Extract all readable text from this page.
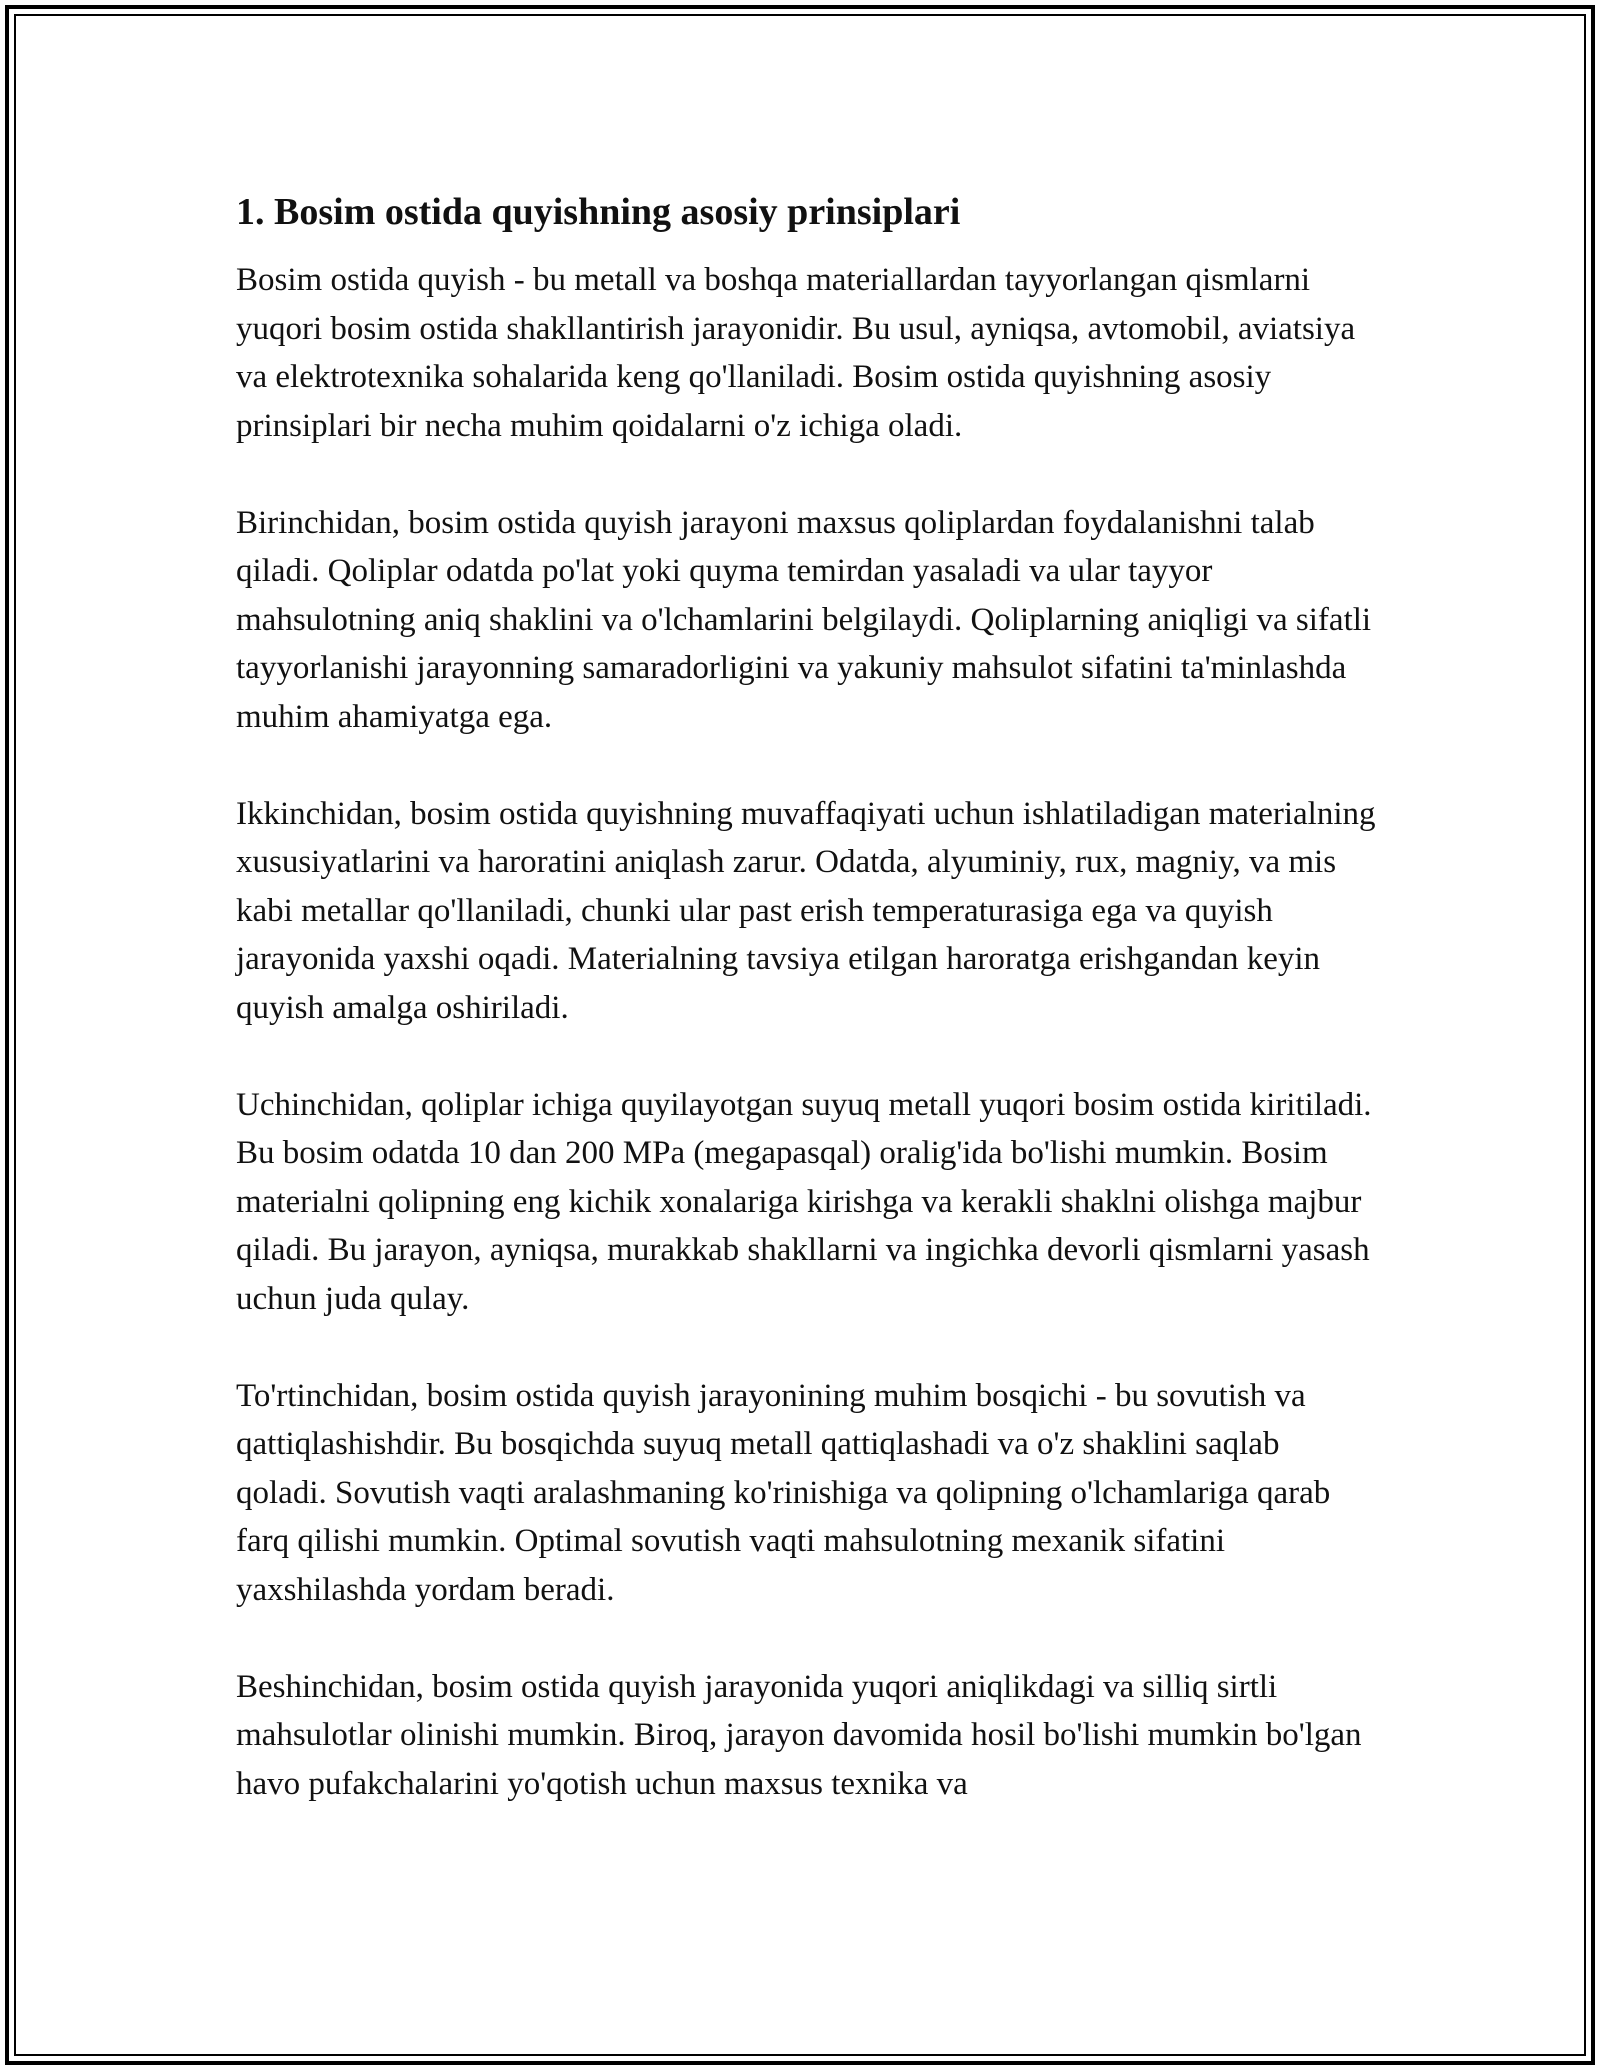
1. Bosim ostida quyishning asosiy prinsiplari

Bosim ostida quyish - bu metall va boshqa materiallardan tayyorlangan qismlarni yuqori bosim ostida shakllantirish jarayonidir. Bu usul, ayniqsa, avtomobil, aviatsiya va elektrotexnika sohalarida keng qo'llaniladi. Bosim ostida quyishning asosiy prinsiplari bir necha muhim qoidalarni o'z ichiga oladi.

Birinchidan, bosim ostida quyish jarayoni maxsus qoliplardan foydalanishni talab qiladi. Qoliplar odatda po'lat yoki quyma temirdan yasaladi va ular tayyor mahsulotning aniq shaklini va o'lchamlarini belgilaydi. Qoliplarning aniqligi va sifatli tayyorlanishi jarayonning samaradorligini va yakuniy mahsulot sifatini ta'minlashda muhim ahamiyatga ega.

Ikkinchidan, bosim ostida quyishning muvaffaqiyati uchun ishlatiladigan materialning xususiyatlarini va haroratini aniqlash zarur. Odatda, alyuminiy, rux, magniy, va mis kabi metallar qo'llaniladi, chunki ular past erish temperaturasiga ega va quyish jarayonida yaxshi oqadi. Materialning tavsiya etilgan haroratga erishgandan keyin quyish amalga oshiriladi.

Uchinchidan, qoliplar ichiga quyilayotgan suyuq metall yuqori bosim ostida kiritiladi. Bu bosim odatda 10 dan 200 MPa (megapasqal) oralig'ida bo'lishi mumkin. Bosim materialni qolipning eng kichik xonalariga kirishga va kerakli shaklni olishga majbur qiladi. Bu jarayon, ayniqsa, murakkab shakllarni va ingichka devorli qismlarni yasash uchun juda qulay.

To'rtinchidan, bosim ostida quyish jarayonining muhim bosqichi - bu sovutish va qattiqlashishdir. Bu bosqichda suyuq metall qattiqlashadi va o'z shaklini saqlab qoladi. Sovutish vaqti aralashmaning ko'rinishiga va qolipning o'lchamlariga qarab farq qilishi mumkin. Optimal sovutish vaqti mahsulotning mexanik sifatini yaxshilashda yordam beradi.

Beshinchidan, bosim ostida quyish jarayonida yuqori aniqlikdagi va silliq sirtli mahsulotlar olinishi mumkin. Biroq, jarayon davomida hosil bo'lishi mumkin bo'lgan havo pufakchalarini yo'qotish uchun maxsus texnika va
